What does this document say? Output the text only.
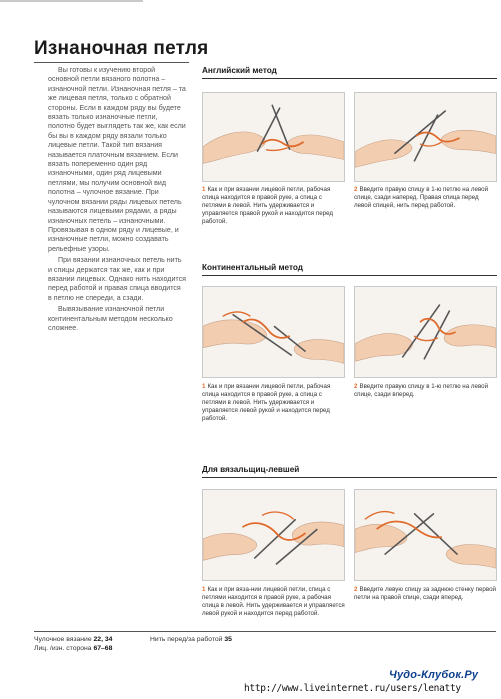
Изнаночная петля

Вы готовы к изучению второй основной петли вязаного полотна – изнаночной петли. Изнаночная петля – та же лицевая петля, только с обратной стороны. Если в каждом ряду вы будете вязать только изнаночные петли, полотно будет выглядеть так же, как если бы вы в каждом ряду вязали только лицевые петли. Такой тип вязания называется платочным вязанием. Если вязать попеременно один ряд изнаночными, один ряд лицевыми петлями, мы получим основной вид полотна – чулочное вязание. При чулочном вязании ряды лицевых петель называются лицевыми рядами, а ряды изнаночных петель – изнаночными. Провязывая в одном ряду и лицевые, и изнаночные петли, можно создавать рельефные узоры.

При вязании изнаночных петель нить и спицы держатся так же, как и при вязании лицевых. Однако нить находится перед работой и правая спица вводится в петлю не спереди, а сзади.

Вывязывание изнаночной петли континентальным методом несколько сложнее.

Английский метод
1 Как и при вязании лицевой петли, рабочая спица находится в правой руке, а спица с петлями в левой. Нить удерживается и управляется правой рукой и находится перед работой.
2 Введите правую спицу в 1-ю петлю на левой спице, сзади наперед. Правая спица перед левой спицей, нить перед работой.
Континентальный метод
1 Как и при вязании лицевой петли, рабочая спица находится в правой руке, а спица с петлями в левой. Нить удерживается и управляется левой рукой и находится перед работой.
2 Введите правую спицу в 1-ю петлю на левой спице, сзади вперед.
Для вязальщиц-левшей
1 Как и при вяза-нии лицевой петли, спица с петлями находится в правой руке, а рабочая спица в левой. Нить удерживается и управляется левой рукой и находится перед работой.
2 Введите левую спицу за заднюю стенку первой петли на правой спице, сзади вперед.
Чулочное вязание 22, 34
Лиц. /изн. сторона 67–68
Нить перед/за работой 35
Чудо-Клубок.Ру
http://www.liveinternet.ru/users/lenatty
